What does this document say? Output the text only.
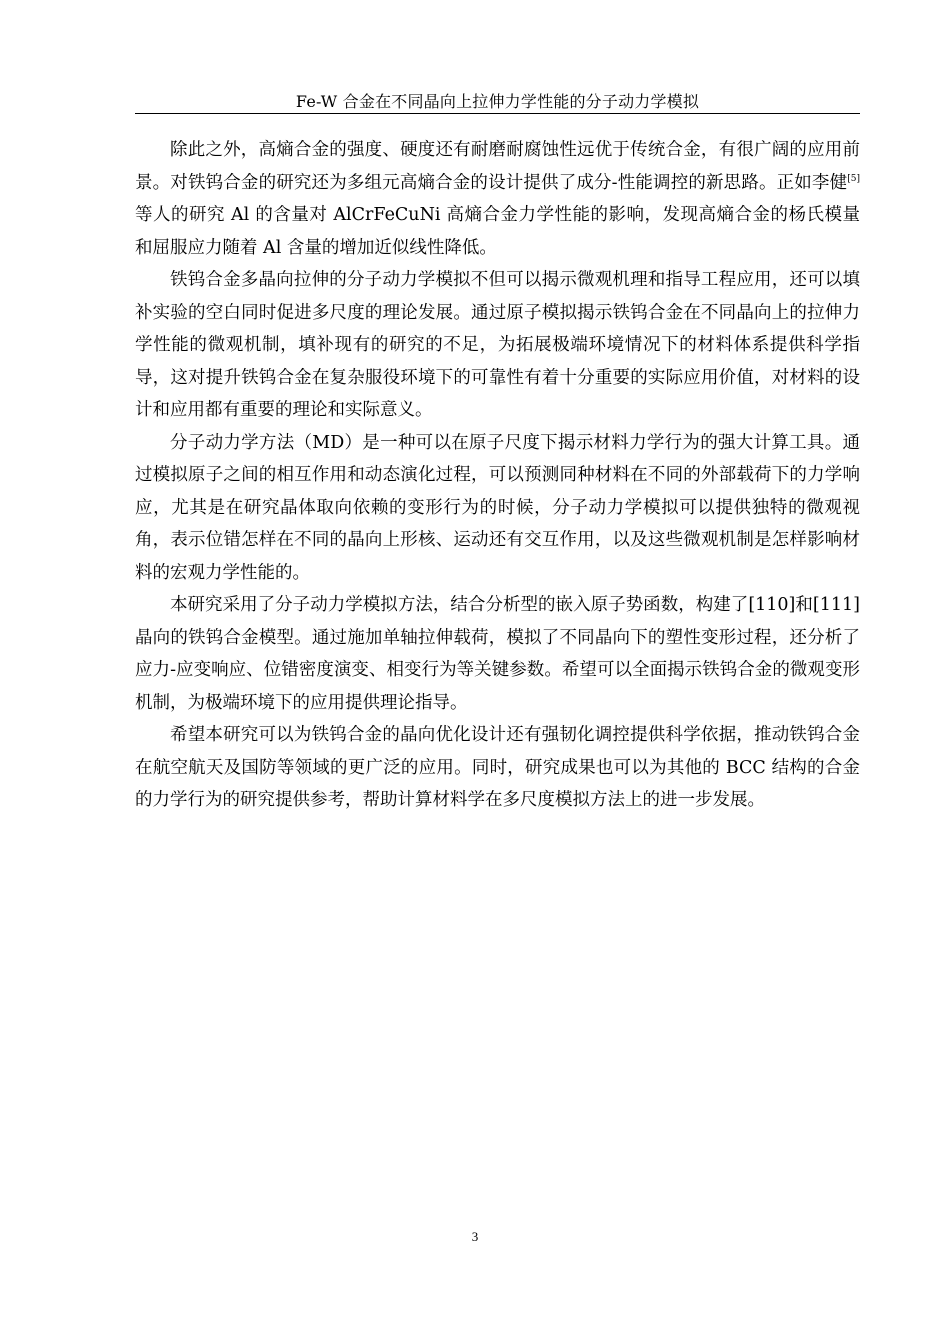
Fe-W 合金在不同晶向上拉伸力学性能的分子动力学模拟

除此之外，高熵合金的强度、硬度还有耐磨耐腐蚀性远优于传统合金，有很广阔的应用前景。对铁钨合金的研究还为多组元高熵合金的设计提供了成分-性能调控的新思路。正如李健[5]等人的研究 Al 的含量对 AlCrFeCuNi 高熵合金力学性能的影响，发现高熵合金的杨氏模量和屈服应力随着 Al 含量的增加近似线性降低。

铁钨合金多晶向拉伸的分子动力学模拟不但可以揭示微观机理和指导工程应用，还可以填补实验的空白同时促进多尺度的理论发展。通过原子模拟揭示铁钨合金在不同晶向上的拉伸力学性能的微观机制，填补现有的研究的不足，为拓展极端环境情况下的材料体系提供科学指导，这对提升铁钨合金在复杂服役环境下的可靠性有着十分重要的实际应用价值，对材料的设计和应用都有重要的理论和实际意义。

分子动力学方法（MD）是一种可以在原子尺度下揭示材料力学行为的强大计算工具。通过模拟原子之间的相互作用和动态演化过程，可以预测同种材料在不同的外部载荷下的力学响应，尤其是在研究晶体取向依赖的变形行为的时候，分子动力学模拟可以提供独特的微观视角，表示位错怎样在不同的晶向上形核、运动还有交互作用，以及这些微观机制是怎样影响材料的宏观力学性能的。

本研究采用了分子动力学模拟方法，结合分析型的嵌入原子势函数，构建了[110]和[111]晶向的铁钨合金模型。通过施加单轴拉伸载荷，模拟了不同晶向下的塑性变形过程，还分析了应力-应变响应、位错密度演变、相变行为等关键参数。希望可以全面揭示铁钨合金的微观变形机制，为极端环境下的应用提供理论指导。

希望本研究可以为铁钨合金的晶向优化设计还有强韧化调控提供科学依据，推动铁钨合金在航空航天及国防等领域的更广泛的应用。同时，研究成果也可以为其他的 BCC 结构的合金的力学行为的研究提供参考，帮助计算材料学在多尺度模拟方法上的进一步发展。

3
